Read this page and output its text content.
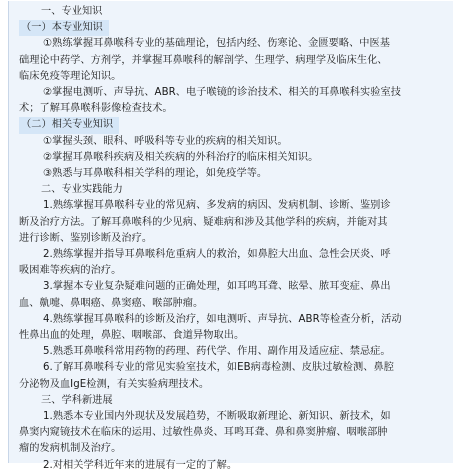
一、专业知识
（一）本专业知识
①熟练掌握耳鼻喉科专业的基础理论，包括内经、伤寒论、金匮要略、中医基
础理论中药学、方剂学，并掌握耳鼻喉科的解剖学、生理学、病理学及临床生化、
临床免疫等理论知识。
②掌握电测听、声导抗、ABR、电子喉镜的诊治技术、相关的耳鼻喉科实验室技
术；了解耳鼻喉科影像检查技术。
（二）相关专业知识
①掌握头颈、眼科、呼吸科等专业的疾病的相关知识。
②掌握耳鼻喉科疾病及相关疾病的外科治疗的临床相关知识。
③熟悉与耳鼻喉科相关学科的理论，如免疫学等。
二、专业实践能力
1.熟练掌握耳鼻喉科专业的常见病、多发病的病因、发病机制、诊断、鉴别诊
断及治疗方法。了解耳鼻喉科的少见病、疑难病和涉及其他学科的疾病，并能对其
进行诊断、鉴别诊断及治疗。
2.熟练掌握并指导耳鼻喉科危重病人的救治，如鼻腔大出血、急性会厌炎、呼
吸困难等疾病的治疗。
3.掌握本专业复杂疑难问题的正确处理，如耳鸣耳聋、眩晕、脓耳变症、鼻出
血、鼽嚏、鼻咽癌、鼻窦癌、喉部肿瘤。
4.熟练掌握耳鼻喉科的诊断及治疗，如电测听、声导抗、ABR等检查分析，活动
性鼻出血的处理，鼻腔、咽喉部、食道异物取出。
5.熟悉耳鼻喉科常用药物的药理、药代学、作用、副作用及适应症、禁忌症。
6.了解耳鼻喉科专业的常见实验室技术，如EB病毒检测、皮肤过敏检测、鼻腔
分泌物及血IgE检测，有关实验病理技术。
三、学科新进展
1.熟悉本专业国内外现状及发展趋势，不断吸取新理论、新知识、新技术，如
鼻窦内窥镜技术在临床的运用、过敏性鼻炎、耳鸣耳聋、鼻和鼻窦肿瘤、咽喉部肿
瘤的发病机制及治疗。
2.对相关学科近年来的进展有一定的了解。
